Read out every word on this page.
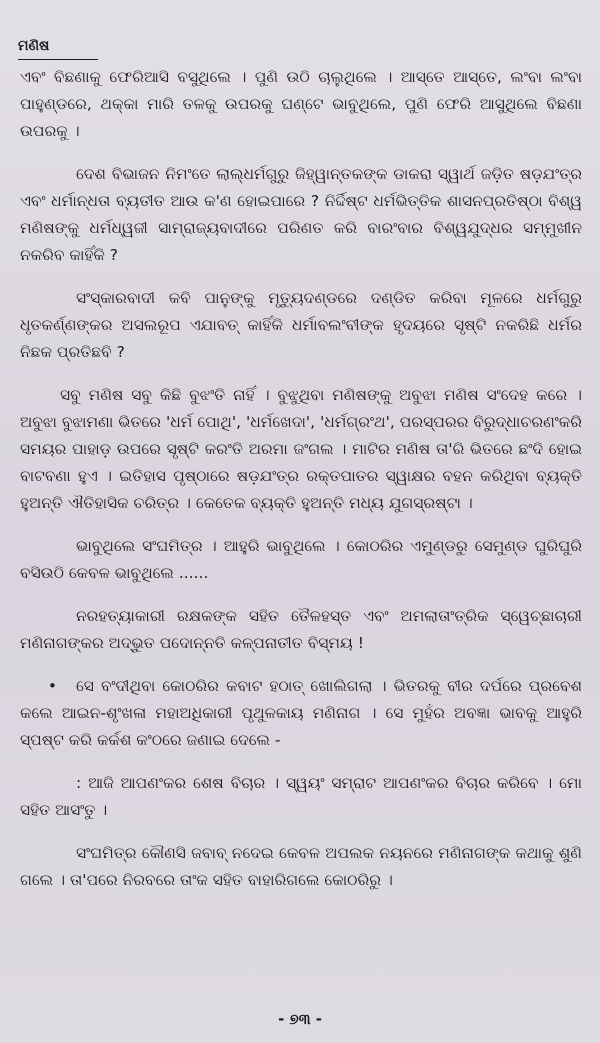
ମଣିଷ

ଏବଂ ବିଛଣାକୁ ଫେରିଆସି ବସୁଥିଲେ । ପୁଣି ଉଠି ଚାଲୁଥିଲେ । ଆସ୍ତେ ଆସ୍ତେ, ଲଂବା ଲଂବା ପାହୁଣ୍ଡରେ, ଥକ୍କା ମାରି ତଳକୁ ଉପରକୁ ଘଣ୍ଟେ ଭାବୁଥିଲେ, ପୁଣି ଫେରି ଆସୁଥିଲେ ବିଛଣା ଉପରକୁ ।

ଦେଶ ବିଭାଜନ ନିମଂତେ ଲାଲ୍‌ଧର୍ମଗୁରୁ ଜିହ୍ୱାନ୍ତକଙ୍କ ଡାକରା ସ୍ୱାର୍ଥ ଜଡ଼ିତ ଷଡ଼ଯଂତ୍ର ଏବଂ ଧର୍ମାନ୍ଧତା ବ୍ୟତୀତ ଆଉ କ'ଣ ହୋଇପାରେ ? ନିର୍ଦ୍ଦିଷ୍ଟ ଧର୍ମଭିତ୍ତିକ ଶାସନପ୍ରତିଷ୍ଠା ବିଶ୍ୱ ମଣିଷଙ୍କୁ ଧର୍ମଧ୍ୱଜୀ ସାମ୍ରାଜ୍ୟବାଦୀରେ ପରିଣତ କରି ବାରଂବାର ବିଶ୍ୱଯୁଦ୍ଧର ସମ୍ମୁଖୀନ ନକରିବ କାହିଁକି ?

ସଂସ୍କାରବାଦୀ କବି ପାନୁଙ୍କୁ ମୃତ୍ୟୁଦଣ୍ଡରେ ଦଣ୍ଡିତ କରିବା ମୂଳରେ ଧର୍ମଗୁରୁ ଧୃତକର୍ଣ୍ଣଙ୍କର ଅସଲରୂପ ଏଯାବତ୍ କାହିଁକି ଧର୍ମାବଲଂବୀଙ୍କ ହୃଦୟରେ ସୃଷ୍ଟି ନକରିଛି ଧର୍ମର ନିଛକ ପ୍ରତିଛବି ?

ସବୁ ମଣିଷ ସବୁ କିଛି ବୁଝଂତି ନାହିଁ । ବୁଝୁଥିବା ମଣିଷଙ୍କୁ ଅବୁଝା ମଣିଷ ସଂଦେହ କରେ । ଅବୁଝା ବୁଝାମଣା ଭିତରେ 'ଧର୍ମ ପୋଥି', 'ଧର୍ମଖେଦା', 'ଧର୍ମଗ୍ରଂଥ', ପରସ୍ପରର ବିରୁଦ୍ଧାଚରଣଂକରି ସମୟର ପାହାଡ଼ ଉପରେ ସୃଷ୍ଟି କରଂତି ଅରମା ଜଂଗଲ । ମାଟିର ମଣିଷ ତା'ରି ଭିତରେ ଛଂଦି ହୋଇ ବାଟବଣା ହୁଏ । ଇତିହାସ ପୃଷ୍ଠାରେ ଷଡ଼ଯଂତ୍ର ରକ୍ତପାତର ସ୍ୱାକ୍ଷର ବହନ କରିଥିବା ବ୍ୟକ୍ତି ହୁଅନ୍ତି ଐତିହାସିକ ଚରିତ୍ର । କେତେକ ବ୍ୟକ୍ତି ହୁଅନ୍ତି ମଧ୍ୟ ଯୁଗସ୍ରଷ୍ଟା ।

ଭାବୁଥିଲେ ସଂଘମିତ୍ର । ଆହୁରି ଭାବୁଥିଲେ । କୋଠରିର ଏମୁଣ୍ଡରୁ ସେମୁଣ୍ଡ ଘୁରିଘୁରି ବସିଉଠି କେବଳ ଭାବୁଥିଲେ ......

ନରହତ୍ୟାକାରୀ ରକ୍ଷକଙ୍କ ସହିତ ତୈଳହସ୍ତ ଏବଂ ଅମଲାତାଂତ୍ରିକ ସ୍ୱେଚ୍ଛାଚାରୀ ମଣିନାଗଙ୍କର ଅଦ୍ଭୁତ ପଦୋନ୍ନତି କଳ୍ପନାତୀତ ବିସ୍ମୟ !

•	ସେ ବଂଦୀଥିବା କୋଠରିର କବାଟ ହଠାତ୍ ଖୋଲିଗଲା । ଭିତରକୁ ବୀର ଦର୍ପରେ ପ୍ରବେଶ କଲେ ଆଇନ-ଶୃଂଖଳା ମହାଅଧିକାରୀ ପୃଥୁଳକାୟ ମଣିନାଗ । ସେ ମୁହଁର ଅବଜ୍ଞା ଭାବକୁ ଆହୁରି ସ୍ପଷ୍ଟ କରି କର୍କଶ କଂଠରେ ଜଣାଇ ଦେଲେ -

: ଆଜି ଆପଣଂକର ଶେଷ ବିଚାର । ସ୍ୱୟଂ ସମ୍ରାଟ ଆପଣଂକର ବିଚାର କରିବେ । ମୋ ସହିତ ଆସଂତୁ ।

ସଂଘମିତ୍ର କୌଣସି ଜବାବ୍ ନଦେଇ କେବଳ ଅପଲକ ନୟନରେ ମଣିନାଗଙ୍କ କଥାକୁ ଶୁଣି ଗଲେ । ତା'ପରେ ନିରବରେ ତାଂକ ସହିତ ବାହାରିଗଲେ କୋଠରିରୁ ।

- ୭୩ -
